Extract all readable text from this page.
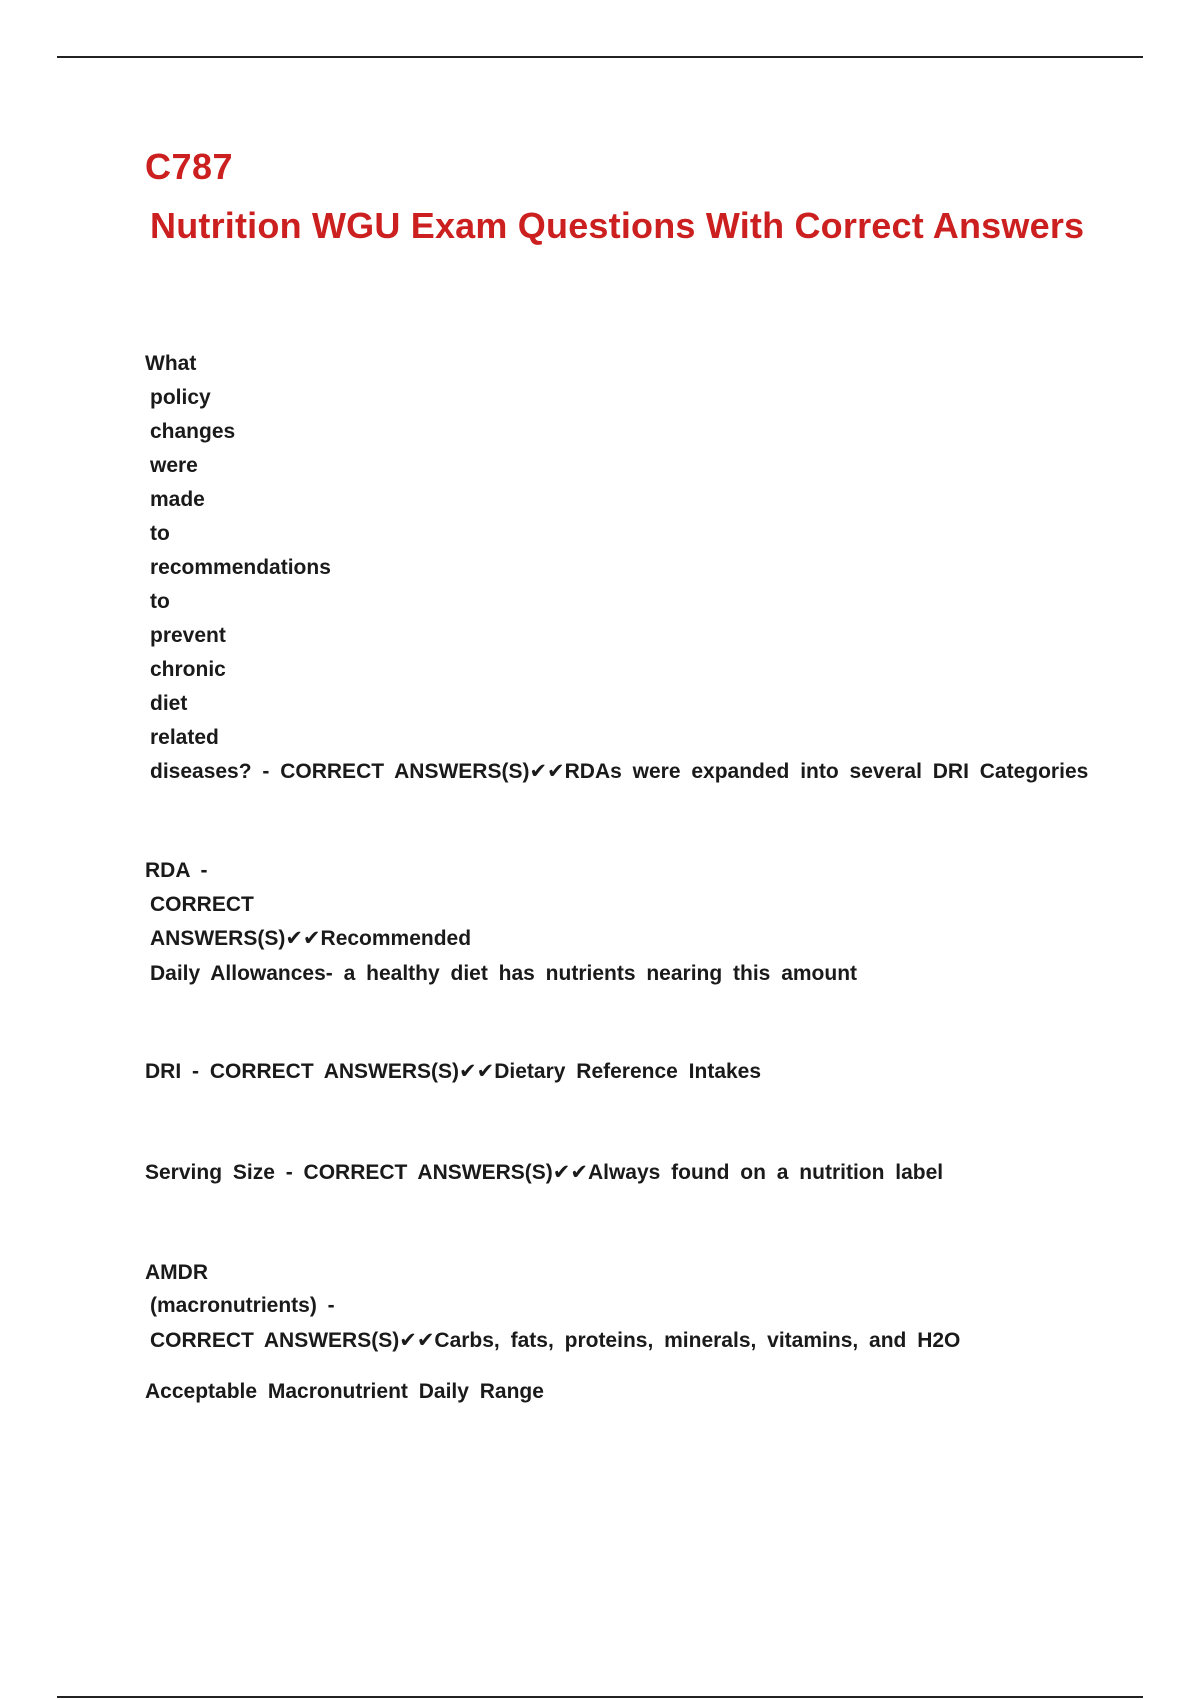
C787
Nutrition WGU Exam Questions With Correct Answers
What
policy
changes
were
made
to
recommendations
to
prevent
chronic
diet
related
diseases? - CORRECT ANSWERS(S)✔✔RDAs were expanded into several DRI Categories
RDA -
CORRECT
ANSWERS(S)✔✔Recommended
Daily Allowances- a healthy diet has nutrients nearing this amount
DRI - CORRECT ANSWERS(S)✔✔Dietary Reference Intakes
Serving Size - CORRECT ANSWERS(S)✔✔Always found on a nutrition label
AMDR
(macronutrients) -
CORRECT ANSWERS(S)✔✔Carbs, fats, proteins, minerals, vitamins, and H2O
Acceptable Macronutrient Daily Range
